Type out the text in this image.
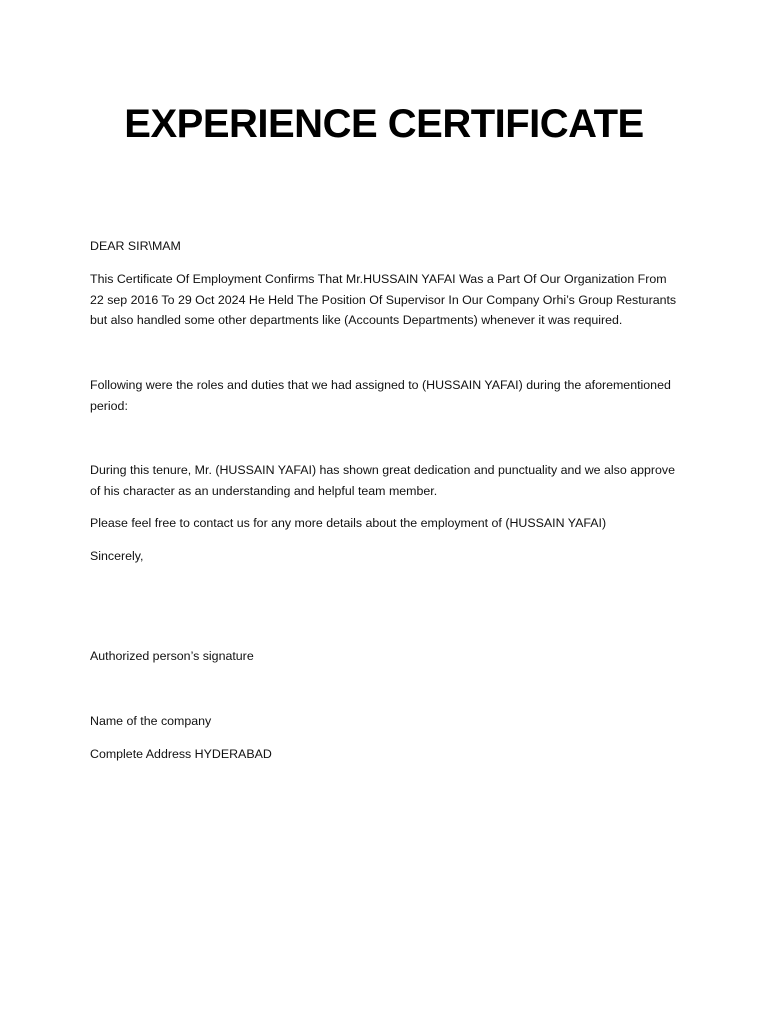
EXPERIENCE CERTIFICATE

DEAR SIR\MAM

This Certificate Of Employment Confirms That Mr.HUSSAIN YAFAI Was a Part Of Our Organization From 22 sep 2016 To 29 Oct 2024 He Held The Position Of Supervisor In Our Company Orhi’s Group Resturants but also handled some other departments like (Accounts Departments) whenever it was required.

Following were the roles and duties that we had assigned to (HUSSAIN YAFAI) during the aforementioned period:

During this tenure, Mr. (HUSSAIN YAFAI) has shown great dedication and punctuality and we also approve of his character as an understanding and helpful team member.

Please feel free to contact us for any more details about the employment of (HUSSAIN YAFAI)

Sincerely,

Authorized person’s signature

Name of the company

Complete Address HYDERABAD
